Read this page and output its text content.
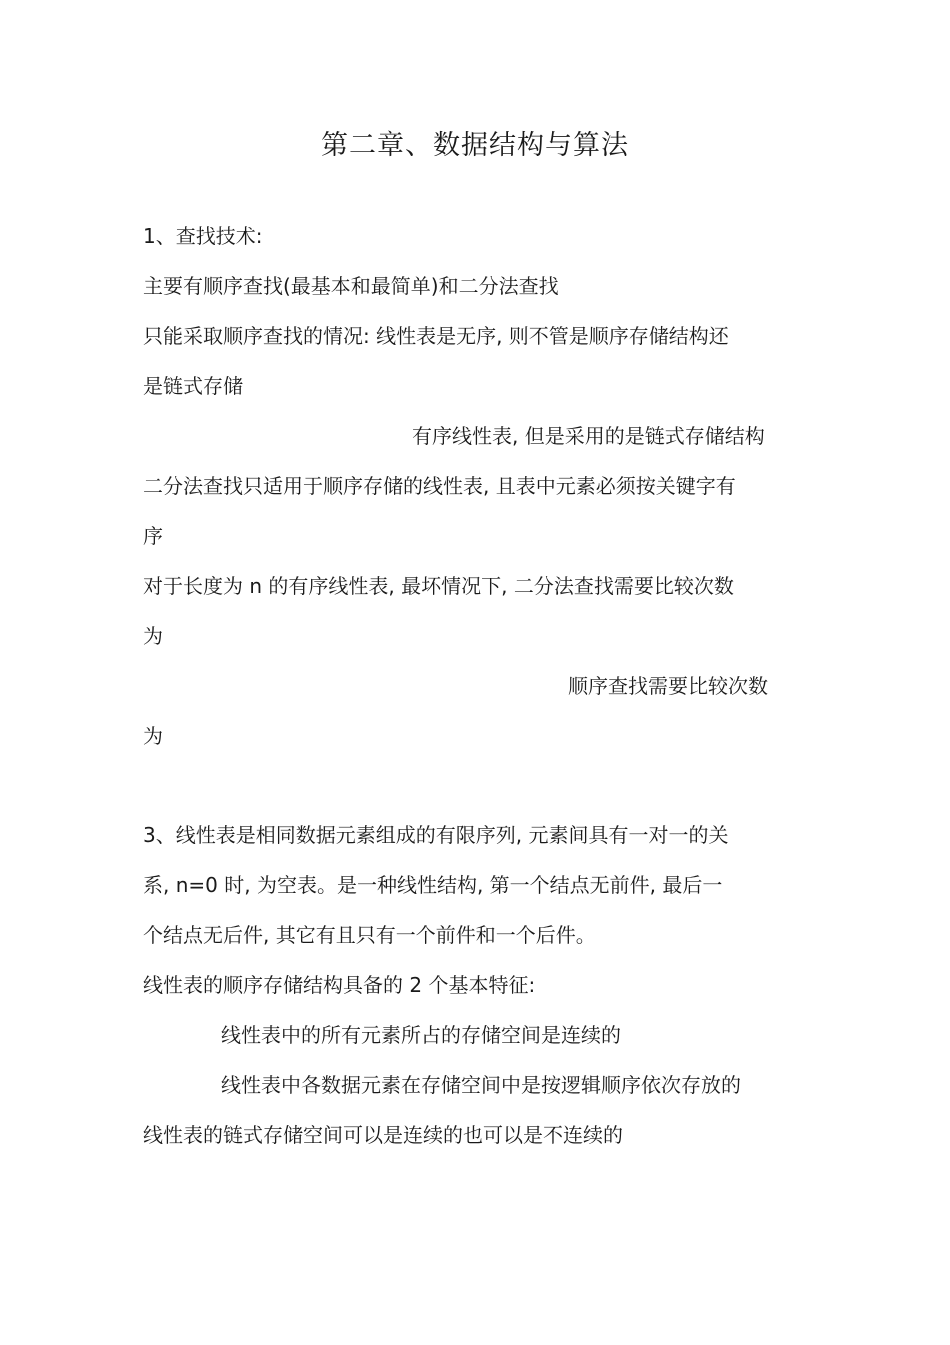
第二章、数据结构与算法
1、查找技术:
主要有顺序查找(最基本和最简单)和二分法查找
只能采取顺序查找的情况: 线性表是无序, 则不管是顺序存储结构还
是链式存储
有序线性表, 但是采用的是链式存储结构
二分法查找只适用于顺序存储的线性表, 且表中元素必须按关键字有
序
对于长度为 n 的有序线性表, 最坏情况下, 二分法查找需要比较次数
为
顺序查找需要比较次数
为
3、线性表是相同数据元素组成的有限序列, 元素间具有一对一的关
系, n=0 时, 为空表。是一种线性结构, 第一个结点无前件, 最后一
个结点无后件, 其它有且只有一个前件和一个后件。
线性表的顺序存储结构具备的 2 个基本特征:
线性表中的所有元素所占的存储空间是连续的
线性表中各数据元素在存储空间中是按逻辑顺序依次存放的
线性表的链式存储空间可以是连续的也可以是不连续的
